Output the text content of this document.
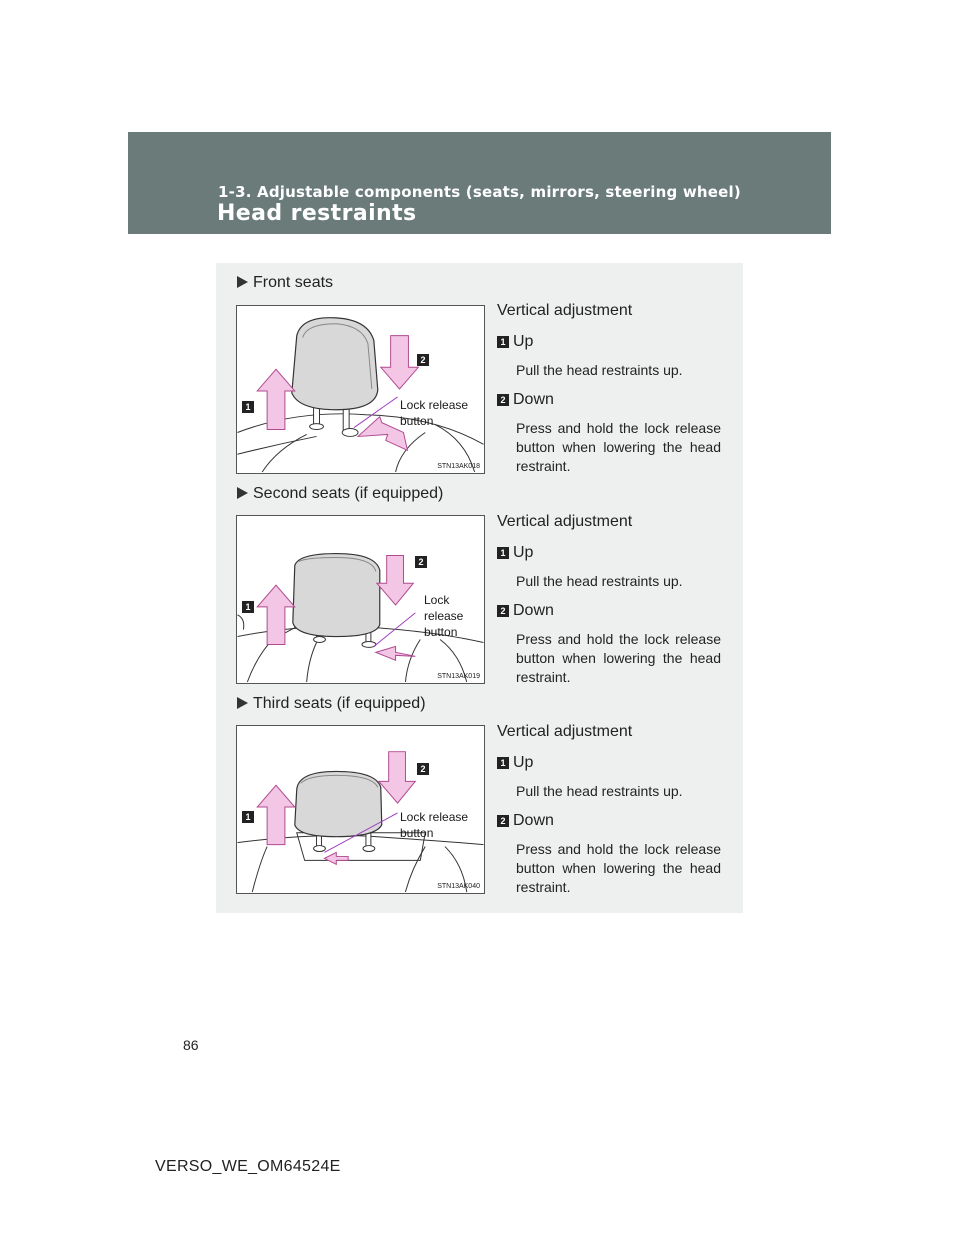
1-3. Adjustable components (seats, mirrors, steering wheel)
Head restraints
Front seats
1
2
Lock release button
STN13AK018
Vertical adjustment
1 Up
Pull the head restraints up.
2 Down
Press and hold the lock release button when lowering the head restraint.
Second seats (if equipped)
1
2
Lock
release
button
STN13AK019
Vertical adjustment
1 Up
Pull the head restraints up.
2 Down
Press and hold the lock release button when lowering the head restraint.
Third seats (if equipped)
1
2
Lock release button
STN13AK040
Vertical adjustment
1 Up
Pull the head restraints up.
2 Down
Press and hold the lock release button when lowering the head restraint.
86
VERSO_WE_OM64524E
